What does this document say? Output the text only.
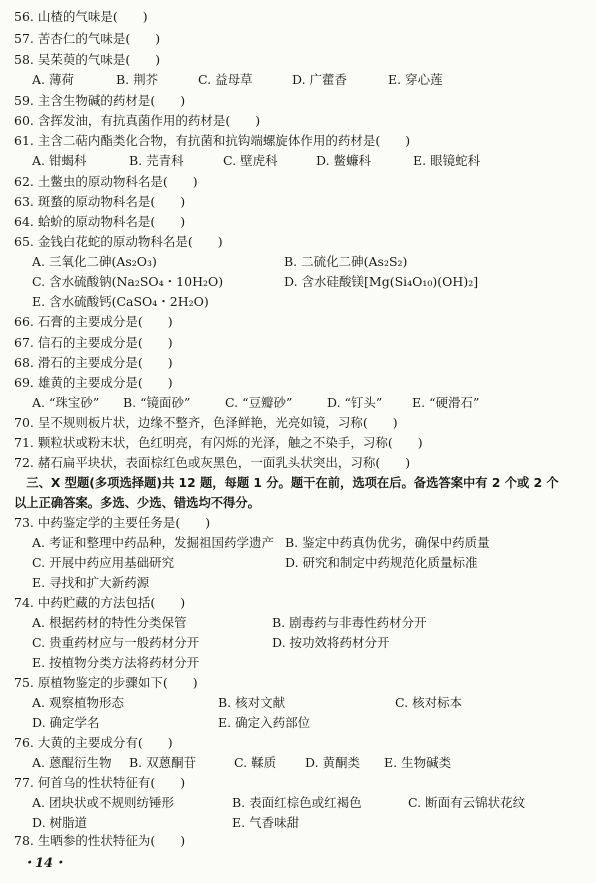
56. 山楂的气味是(　　)
57. 苦杏仁的气味是(　　)
58. 吴茱萸的气味是(　　)
A. 薄荷	B. 荆芥	C. 益母草	D. 广藿香	E. 穿心莲
59. 主含生物碱的药材是(　　)
60. 含挥发油，有抗真菌作用的药材是(　　)
61. 主含二萜内酯类化合物，有抗菌和抗钩端螺旋体作用的药材是(　　)
A. 钳蝎科	B. 芫青科	C. 壁虎科	D. 鳖蠊科	E. 眼镜蛇科
62. 土鳖虫的原动物科名是(　　)
63. 斑蝥的原动物科名是(　　)
64. 蛤蚧的原动物科名是(　　)
65. 金钱白花蛇的原动物科名是(　　)
A. 三氧化二砷(As₂O₃)	B. 二硫化二砷(As₂S₂)
C. 含水硫酸钠(Na₂SO₄・10H₂O)	D. 含水硅酸镁[Mg(Si₄O₁₀)(OH)₂]
E. 含水硫酸钙(CaSO₄・2H₂O)
66. 石膏的主要成分是(　　)
67. 信石的主要成分是(　　)
68. 滑石的主要成分是(　　)
69. 雄黄的主要成分是(　　)
A. “珠宝砂” B. “镜面砂”	C. “豆瓣砂”	D. “钉头” E. “硬滑石”
70. 呈不规则板片状，边缘不整齐，色泽鲜艳，光亮如镜，习称(　　)
71. 颗粒状或粉末状，色红明亮，有闪烁的光泽，触之不染手，习称(　　)
72. 赭石扁平块状，表面棕红色或灰黑色，一面乳头状突出，习称(　　)
　三、X 型题(多项选择题)共 12 题，每题 1 分。题干在前，选项在后。备选答案中有 2 个或 2 个
以上正确答案。多选、少选、错选均不得分。
73. 中药鉴定学的主要任务是(　　)
A. 考证和整理中药品种，发掘祖国药学遗产 B. 鉴定中药真伪优劣，确保中药质量
C. 开展中药应用基础研究	D. 研究和制定中药规范化质量标准
E. 寻找和扩大新药源
74. 中药贮藏的方法包括(　　)
A. 根据药材的特性分类保管	B. 剧毒药与非毒性药材分开
C. 贵重药材应与一般药材分开	D. 按功效将药材分开
E. 按植物分类方法将药材分开
75. 原植物鉴定的步骤如下(　　)
A. 观察植物形态	B. 核对文献	C. 核对标本
D. 确定学名	E. 确定入药部位
76. 大黄的主要成分有(　　)
A. 蒽醌衍生物 B. 双蒽酮苷	C. 鞣质 D. 黄酮类 E. 生物碱类
77. 何首乌的性状特征有(　　)
A. 团块状或不规则纺锤形	B. 表面红棕色或红褐色	C. 断面有云锦状花纹
D. 树脂道	E. 气香味甜
78. 生晒参的性状特征为(　　)
・14・
